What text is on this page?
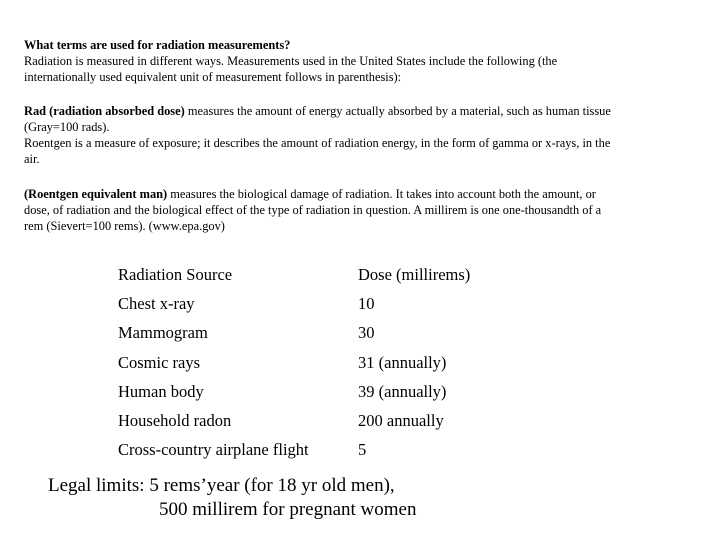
What terms are used for radiation measurements?

Radiation is measured in different ways. Measurements used in the United States include the following (the

internationally used equivalent unit of measurement follows in parenthesis):

Rad (radiation absorbed dose) measures the amount of energy actually absorbed by a material, such as human tissue

(Gray=100 rads).

Roentgen is a measure of exposure; it describes the amount of radiation energy, in the form of gamma or x-rays, in the

air.

(Roentgen equivalent man) measures the biological damage of radiation. It takes into account both the amount, or

dose, of radiation and the biological effect of the type of radiation in question. A millirem is one one-thousandth of a

rem (Sievert=100 rems). (www.epa.gov)

Radiation Source	Dose (millirems)
Chest x-ray	10
Mammogram	30
Cosmic rays	31 (annually)
Human body	39 (annually)
Household radon	200 annually
Cross-country airplane flight	5
Legal limits: 5 rems’year (for 18 yr old men),
500 millirem for pregnant women
